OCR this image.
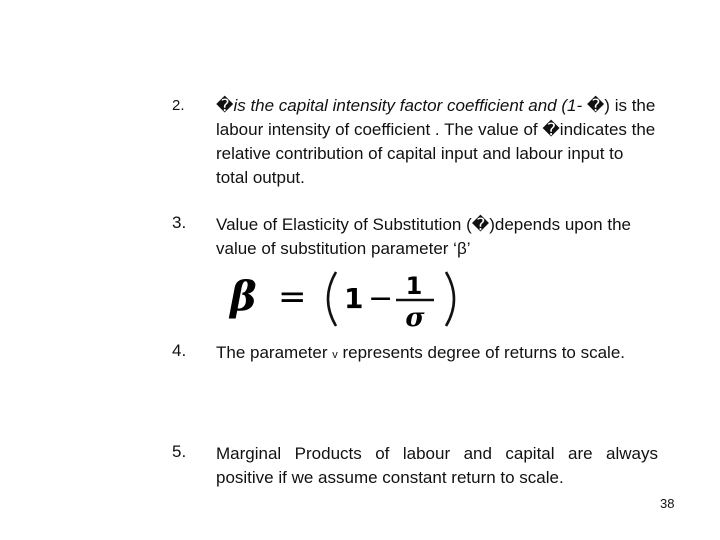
2. �is the capital intensity factor coefficient and (1- �) is the labour intensity of coefficient . The value of �indicates the relative contribution of capital input and labour input to total output.
3. Value of Elasticity of Substitution (�)depends upon the value of substitution parameter ‘β’
β = 1 − 1
σ
4. The parameter v represents degree of returns to scale.
5. Marginal Products of labour and capital are always positive if we assume constant return to scale.
38
